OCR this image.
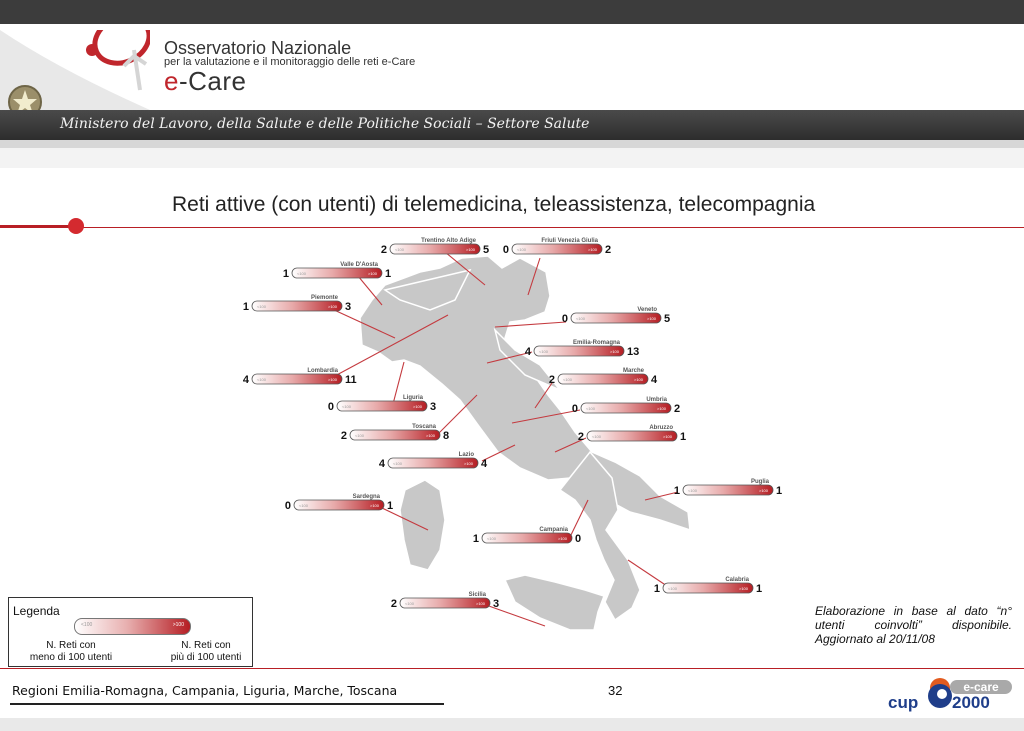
Osservatorio Nazionale
per la valutazione e il monitoraggio delle reti e-Care
e-Care
Ministero del Lavoro, della Salute e delle Politiche Sociali – Settore Salute
Reti attive (con utenti) di telemedicina, teleassistenza, telecompagnia
Trentino Alto Adige
<100	>100
2	5
Friuli Venezia Giulia
<100	>100
0	2
Valle D'Aosta
<100	>100
1	1
Piemonte
<100	>100
1	3	Veneto
<100	>100
0	5
Emilia-Romagna
<100	>100
4	13
Lombardia
<100	>100
4	11
Marche
<100	>100
2	4
Liguria
<100	>100
0	3
Umbria
<100	>100
0	2
Toscana
<100	>100
2	8
Abruzzo
<100	>100
2	1
Lazio
<100	>100
4	4
Puglia
<100	>100
1	1
Sardegna
<100	>100
0	1
Campania
<100	>100
1	0
Calabria
<100	>100
1	1
Sicilia
<100	>100
2	3
Legenda
<100	>100
N. Reti con
meno di 100 utenti
N. Reti con
più di 100 utenti
Elaborazione in base al dato “n° utenti coinvolti” disponibile. Aggiornato al 20/11/08
Regioni Emilia-Romagna, Campania, Liguria, Marche, Toscana	32	e-care
cup 2000
